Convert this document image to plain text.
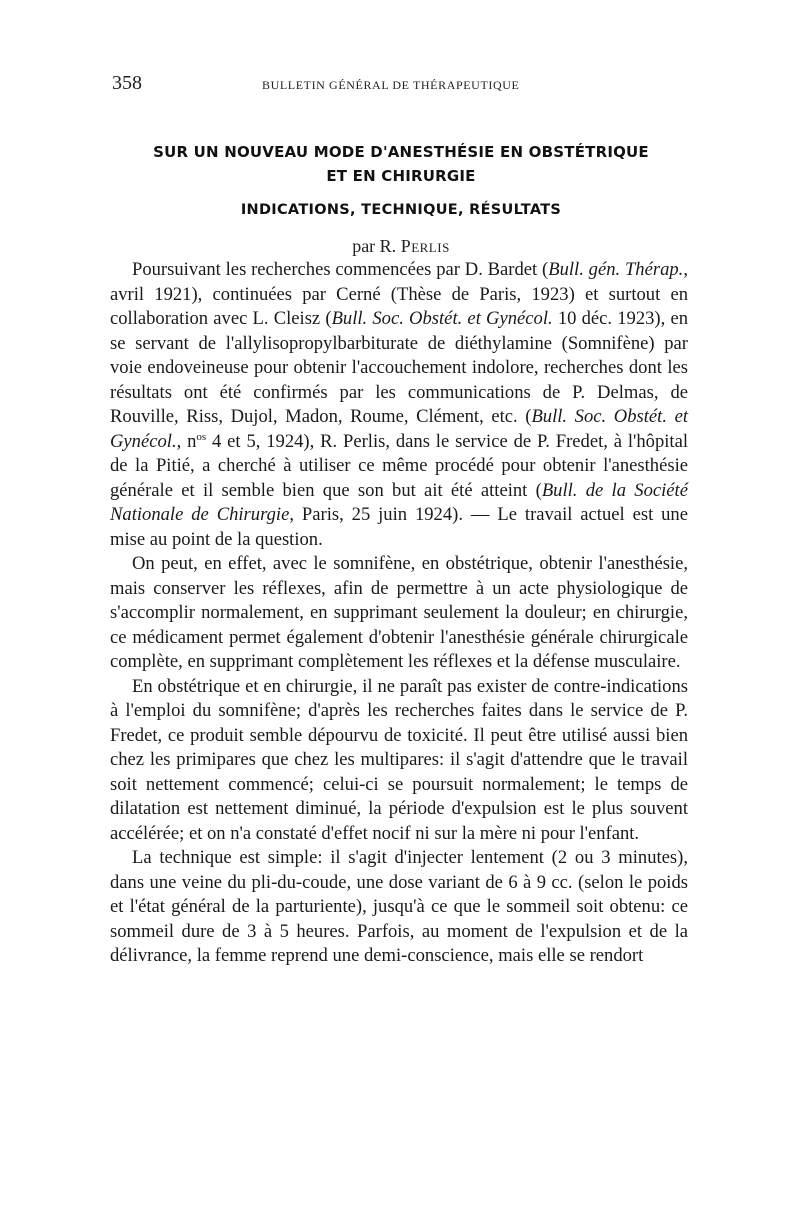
358	BULLETIN GÉNÉRAL DE THÉRAPEUTIQUE
SUR UN NOUVEAU MODE D'ANESTHÉSIE EN OBSTÉTRIQUE
ET EN CHIRURGIE
INDICATIONS, TECHNIQUE, RÉSULTATS
par R. Perlis

Poursuivant les recherches commencées par D. Bardet (Bull. gén. Thérap., avril 1921), continuées par Cerné (Thèse de Paris, 1923) et surtout en collaboration avec L. Cleisz (Bull. Soc. Obstét. et Gynécol. 10 déc. 1923), en se servant de l'allylisopropylbarbiturate de diéthylamine (Somnifène) par voie endoveineuse pour obtenir l'accouchement indolore, recherches dont les résultats ont été confirmés par les communications de P. Delmas, de Rouville, Riss, Dujol, Madon, Roume, Clément, etc. (Bull. Soc. Obstét. et Gynécol., $n^{os}$ 4 et 5, 1924), R. Perlis, dans le service de P. Fredet, à l'hôpital de la Pitié, a cherché à utiliser ce même procédé pour obtenir l'anesthésie générale et il semble bien que son but ait été atteint (Bull. de la Société Nationale de Chirurgie, Paris, 25 juin 1924). — Le travail actuel est une mise au point de la question.

On peut, en effet, avec le somnifène, en obstétrique, obtenir l'anesthésie, mais conserver les réflexes, afin de permettre à un acte physiologique de s'accomplir normalement, en supprimant seulement la douleur; en chirurgie, ce médicament permet également d'obtenir l'anesthésie générale chirurgicale complète, en supprimant complètement les réflexes et la défense musculaire.

En obstétrique et en chirurgie, il ne paraît pas exister de contre-indications à l'emploi du somnifène; d'après les recherches faites dans le service de P. Fredet, ce produit semble dépourvu de toxicité. Il peut être utilisé aussi bien chez les primipares que chez les multipares: il s'agit d'attendre que le travail soit nettement commencé; celui-ci se poursuit normalement; le temps de dilatation est nettement diminué, la période d'expulsion est le plus souvent accélérée; et on n'a constaté d'effet nocif ni sur la mère ni pour l'enfant.

La technique est simple: il s'agit d'injecter lentement (2 ou 3 minutes), dans une veine du pli-du-coude, une dose variant de 6 à 9 cc. (selon le poids et l'état général de la parturiente), jusqu'à ce que le sommeil soit obtenu: ce sommeil dure de 3 à 5 heures. Parfois, au moment de l'expulsion et de la délivrance, la femme reprend une demi-conscience, mais elle se rendort
